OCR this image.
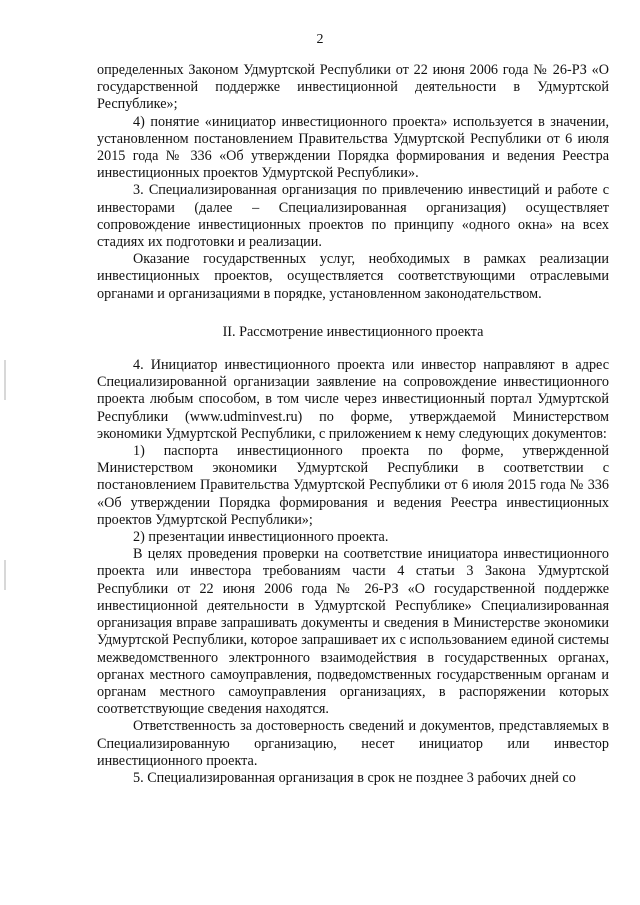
2

определенных Законом Удмуртской Республики от 22 июня 2006 года № 26-РЗ «О государственной поддержке инвестиционной деятельности в Удмуртской Республике»;

4) понятие «инициатор инвестиционного проекта» используется в значении, установленном постановлением Правительства Удмуртской Республики от 6 июля 2015 года № 336 «Об утверждении Порядка формирования и ведения Реестра инвестиционных проектов Удмуртской Республики».

3. Специализированная организация по привлечению инвестиций и работе с инвесторами (далее – Специализированная организация) осуществляет сопровождение инвестиционных проектов по принципу «одного окна» на всех стадиях их подготовки и реализации.

Оказание государственных услуг, необходимых в рамках реализации инвестиционных проектов, осуществляется соответствующими отраслевыми органами и организациями в порядке, установленном законодательством.

II. Рассмотрение инвестиционного проекта

4. Инициатор инвестиционного проекта или инвестор направляют в адрес Специализированной организации заявление на сопровождение инвестиционного проекта любым способом, в том числе через инвестиционный портал Удмуртской Республики (www.udminvest.ru) по форме, утверждаемой Министерством экономики Удмуртской Республики, с приложением к нему следующих документов:

1) паспорта инвестиционного проекта по форме, утвержденной Министерством экономики Удмуртской Республики в соответствии с постановлением Правительства Удмуртской Республики от 6 июля 2015 года № 336 «Об утверждении Порядка формирования и ведения Реестра инвестиционных проектов Удмуртской Республики»;

2) презентации инвестиционного проекта.

В целях проведения проверки на соответствие инициатора инвестиционного проекта или инвестора требованиям части 4 статьи 3 Закона Удмуртской Республики от 22 июня 2006 года № 26-РЗ «О государственной поддержке инвестиционной деятельности в Удмуртской Республике» Специализированная организация вправе запрашивать документы и сведения в Министерстве экономики Удмуртской Республики, которое запрашивает их с использованием единой системы межведомственного электронного взаимодействия в государственных органах, органах местного самоуправления, подведомственных государственным органам и органам местного самоуправления организациях, в распоряжении которых соответствующие сведения находятся.

Ответственность за достоверность сведений и документов, представляемых в Специализированную организацию, несет инициатор или инвестор инвестиционного проекта.

5. Специализированная организация в срок не позднее 3 рабочих дней со
